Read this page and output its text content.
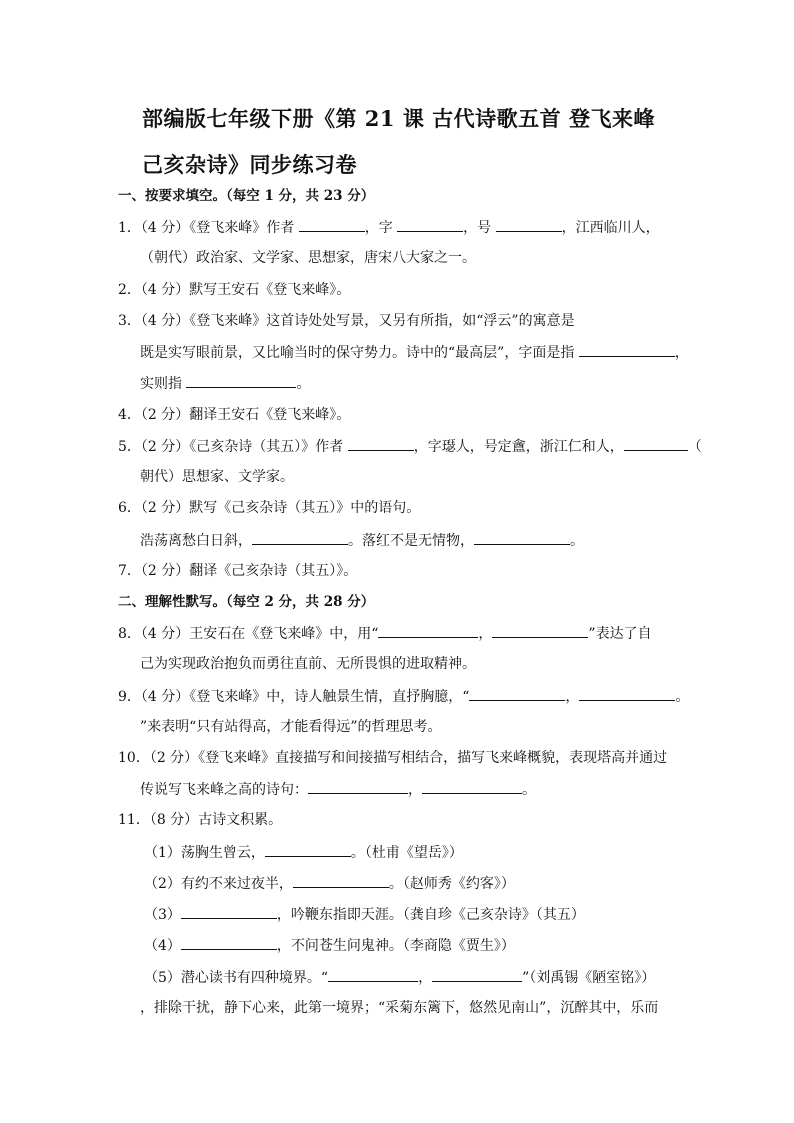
部编版七年级下册《第 21 课 古代诗歌五首 登飞来峰 己亥杂诗》同步练习卷
一、按要求填空。（每空 1 分，共 23 分）
1．（4 分）《登飞来峰》作者	，字	，号	，江西临川人，
（朝代）政治家、文学家、思想家，唐宋八大家之一。
2．（4 分）默写王安石《登飞来峰》。
3．（4 分）《登飞来峰》这首诗处处写景，又另有所指，如“浮云”的寓意是
既是实写眼前景，又比喻当时的保守势力。诗中的“最高层”，字面是指	，
实则指	。
4．（2 分）翻译王安石《登飞来峰》。
5．（2 分）《己亥杂诗（其五）》作者	，字璱人，号定盦，浙江仁和人，	（
朝代）思想家、文学家。
6．（2 分）默写《己亥杂诗（其五）》中的语句。
浩荡离愁白日斜，	。落红不是无情物，	。
7．（2 分）翻译《己亥杂诗（其五）》。
二、理解性默写。（每空 2 分，共 28 分）
8．（4 分）王安石在《登飞来峰》中，用“	，	”表达了自
己为实现政治抱负而勇往直前、无所畏惧的进取精神。
9．（4 分）《登飞来峰》中，诗人触景生情，直抒胸臆，“	，	。
”来表明“只有站得高，才能看得远”的哲理思考。
10．（2 分）《登飞来峰》直接描写和间接描写相结合，描写飞来峰概貌，表现塔高并通过
传说写飞来峰之高的诗句：	，	。
11．（8 分）古诗文积累。
（1）荡胸生曾云，	。（杜甫《望岳》）
（2）有约不来过夜半，	。（赵师秀《约客》）
（3）	，吟鞭东指即天涯。（龚自珍《己亥杂诗》（其五）
（4）	，不问苍生问鬼神。（李商隐《贾生》）
（5）潜心读书有四种境界。“	，	”（刘禹锡《陋室铭》）
，排除干扰，静下心来，此第一境界；“采菊东篱下，悠然见南山”，沉醉其中，乐而
